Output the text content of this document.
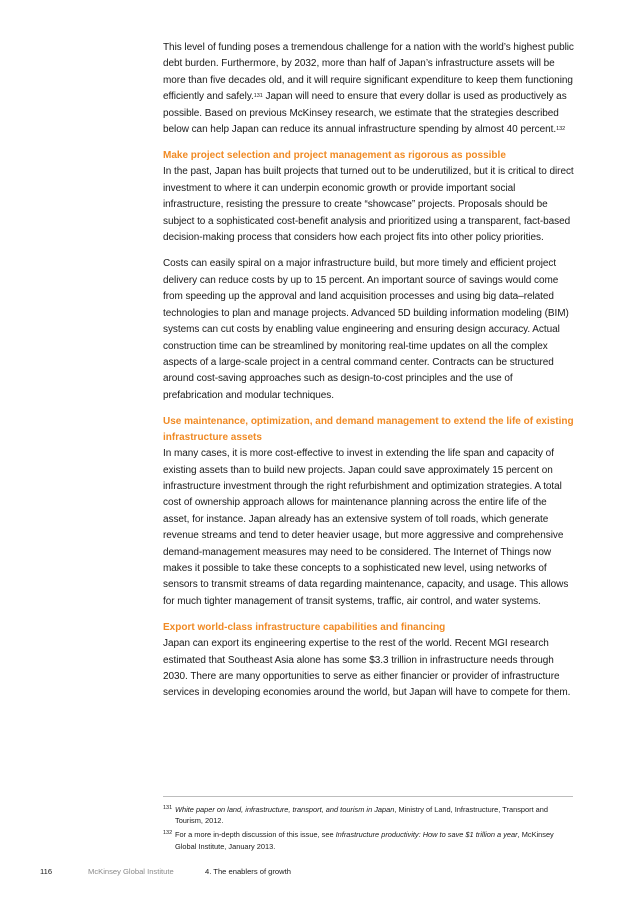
This level of funding poses a tremendous challenge for a nation with the world’s highest public debt burden. Furthermore, by 2032, more than half of Japan’s infrastructure assets will be more than five decades old, and it will require significant expenditure to keep them functioning efficiently and safely.$^{131}$ Japan will need to ensure that every dollar is used as productively as possible. Based on previous McKinsey research, we estimate that the strategies described below can help Japan can reduce its annual infrastructure spending by almost 40 percent.$^{132}$

Make project selection and project management as rigorous as possible

In the past, Japan has built projects that turned out to be underutilized, but it is critical to direct investment to where it can underpin economic growth or provide important social infrastructure, resisting the pressure to create “showcase” projects. Proposals should be subject to a sophisticated cost-benefit analysis and prioritized using a transparent, fact-based decision-making process that considers how each project fits into other policy priorities.

Costs can easily spiral on a major infrastructure build, but more timely and efficient project delivery can reduce costs by up to 15 percent. An important source of savings would come from speeding up the approval and land acquisition processes and using big data–related technologies to plan and manage projects. Advanced 5D building information modeling (BIM) systems can cut costs by enabling value engineering and ensuring design accuracy. Actual construction time can be streamlined by monitoring real-time updates on all the complex aspects of a large-scale project in a central command center. Contracts can be structured around cost-saving approaches such as design-to-cost principles and the use of prefabrication and modular techniques.

Use maintenance, optimization, and demand management to extend the life of existing infrastructure assets

In many cases, it is more cost-effective to invest in extending the life span and capacity of existing assets than to build new projects. Japan could save approximately 15 percent on infrastructure investment through the right refurbishment and optimization strategies. A total cost of ownership approach allows for maintenance planning across the entire life of the asset, for instance. Japan already has an extensive system of toll roads, which generate revenue streams and tend to deter heavier usage, but more aggressive and comprehensive demand-management measures may need to be considered. The Internet of Things now makes it possible to take these concepts to a sophisticated new level, using networks of sensors to transmit streams of data regarding maintenance, capacity, and usage. This allows for much tighter management of transit systems, traffic, air control, and water systems.

Export world-class infrastructure capabilities and financing

Japan can export its engineering expertise to the rest of the world. Recent MGI research estimated that Southeast Asia alone has some $3.3 trillion in infrastructure needs through 2030. There are many opportunities to serve as either financier or provider of infrastructure services in developing economies around the world, but Japan will have to compete for them.

131 White paper on land, infrastructure, transport, and tourism in Japan, Ministry of Land, Infrastructure, Transport and Tourism, 2012.
132 For a more in-depth discussion of this issue, see Infrastructure productivity: How to save $1 trillion a year, McKinsey Global Institute, January 2013.
116	McKinsey Global Institute	4. The enablers of growth
